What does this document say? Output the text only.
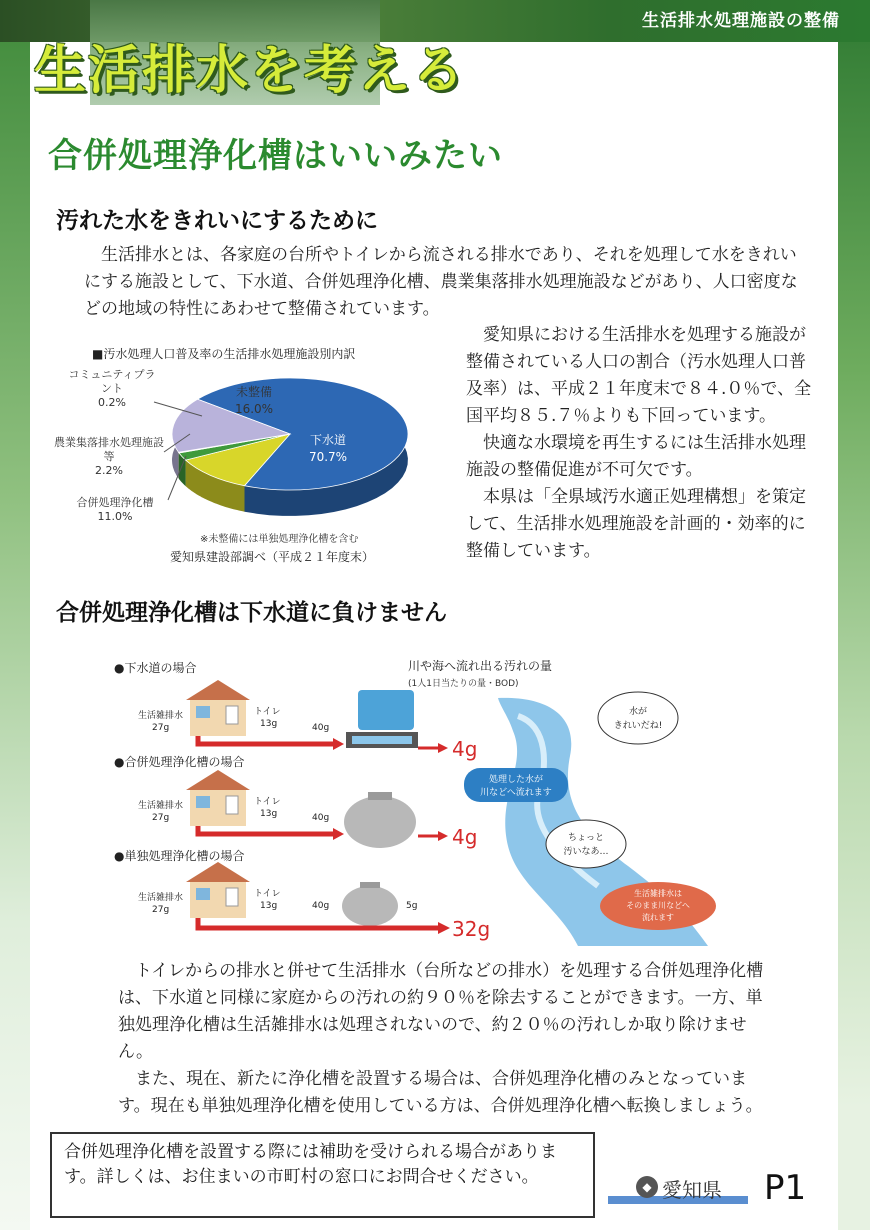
生活排水処理施設の整備
生活排水を考える
合併処理浄化槽はいいみたい
汚れた水をきれいにするために

生活排水とは、各家庭の台所やトイレから流される排水であり、それを処理して水をきれいにする施設として、下水道、合併処理浄化槽、農業集落排水処理施設などがあり、人口密度などの地域の特性にあわせて整備されています。

■汚水処理人口普及率の生活排水処理施設別内訳
下水道
70.7%
未整備
16.0%
コミュニティプラント
0.2%
農業集落排水処理施設等
2.2%
合併処理浄化槽
11.0%
※未整備には単独処理浄化槽を含む
愛知県建設部調べ（平成２１年度末）

愛知県における生活排水を処理する施設が整備されている人口の割合（汚水処理人口普及率）は、平成２１年度末で８４.０％で、全国平均８５.７％よりも下回っています。

快適な水環境を再生するには生活排水処理施設の整備促進が不可欠です。

本県は「全県域汚水適正処理構想」を策定して、生活排水処理施設を計画的・効率的に整備しています。

合併処理浄化槽は下水道に負けません
川や海へ流れ出る汚れの量
(1人1日当たりの量・BOD)
●下水道の場合
生活雑排水
27g
トイレ
13g	40g
4g
●合併処理浄化槽の場合
生活雑排水
27g
トイレ
13g	40g
4g
●単独処理浄化槽の場合
生活雑排水
27g
トイレ
13g	40g	5g
32g
水が
きれいだね!
処理した水が
川などへ流れます
ちょっと
汚いなあ…
生活雑排水は
そのまま川などへ
流れます

トイレからの排水と併せて生活排水（台所などの排水）を処理する合併処理浄化槽は、下水道と同様に家庭からの汚れの約９０％を除去することができます。一方、単独処理浄化槽は生活雑排水は処理されないので、約２０％の汚れしか取り除けません。

また、現在、新たに浄化槽を設置する場合は、合併処理浄化槽のみとなっています。現在も単独処理浄化槽を使用している方は、合併処理浄化槽へ転換しましょう。

合併処理浄化槽を設置する際には補助を受けられる場合があります。詳しくは、お住まいの市町村の窓口にお問合せください。	◆ 愛知県 P1
